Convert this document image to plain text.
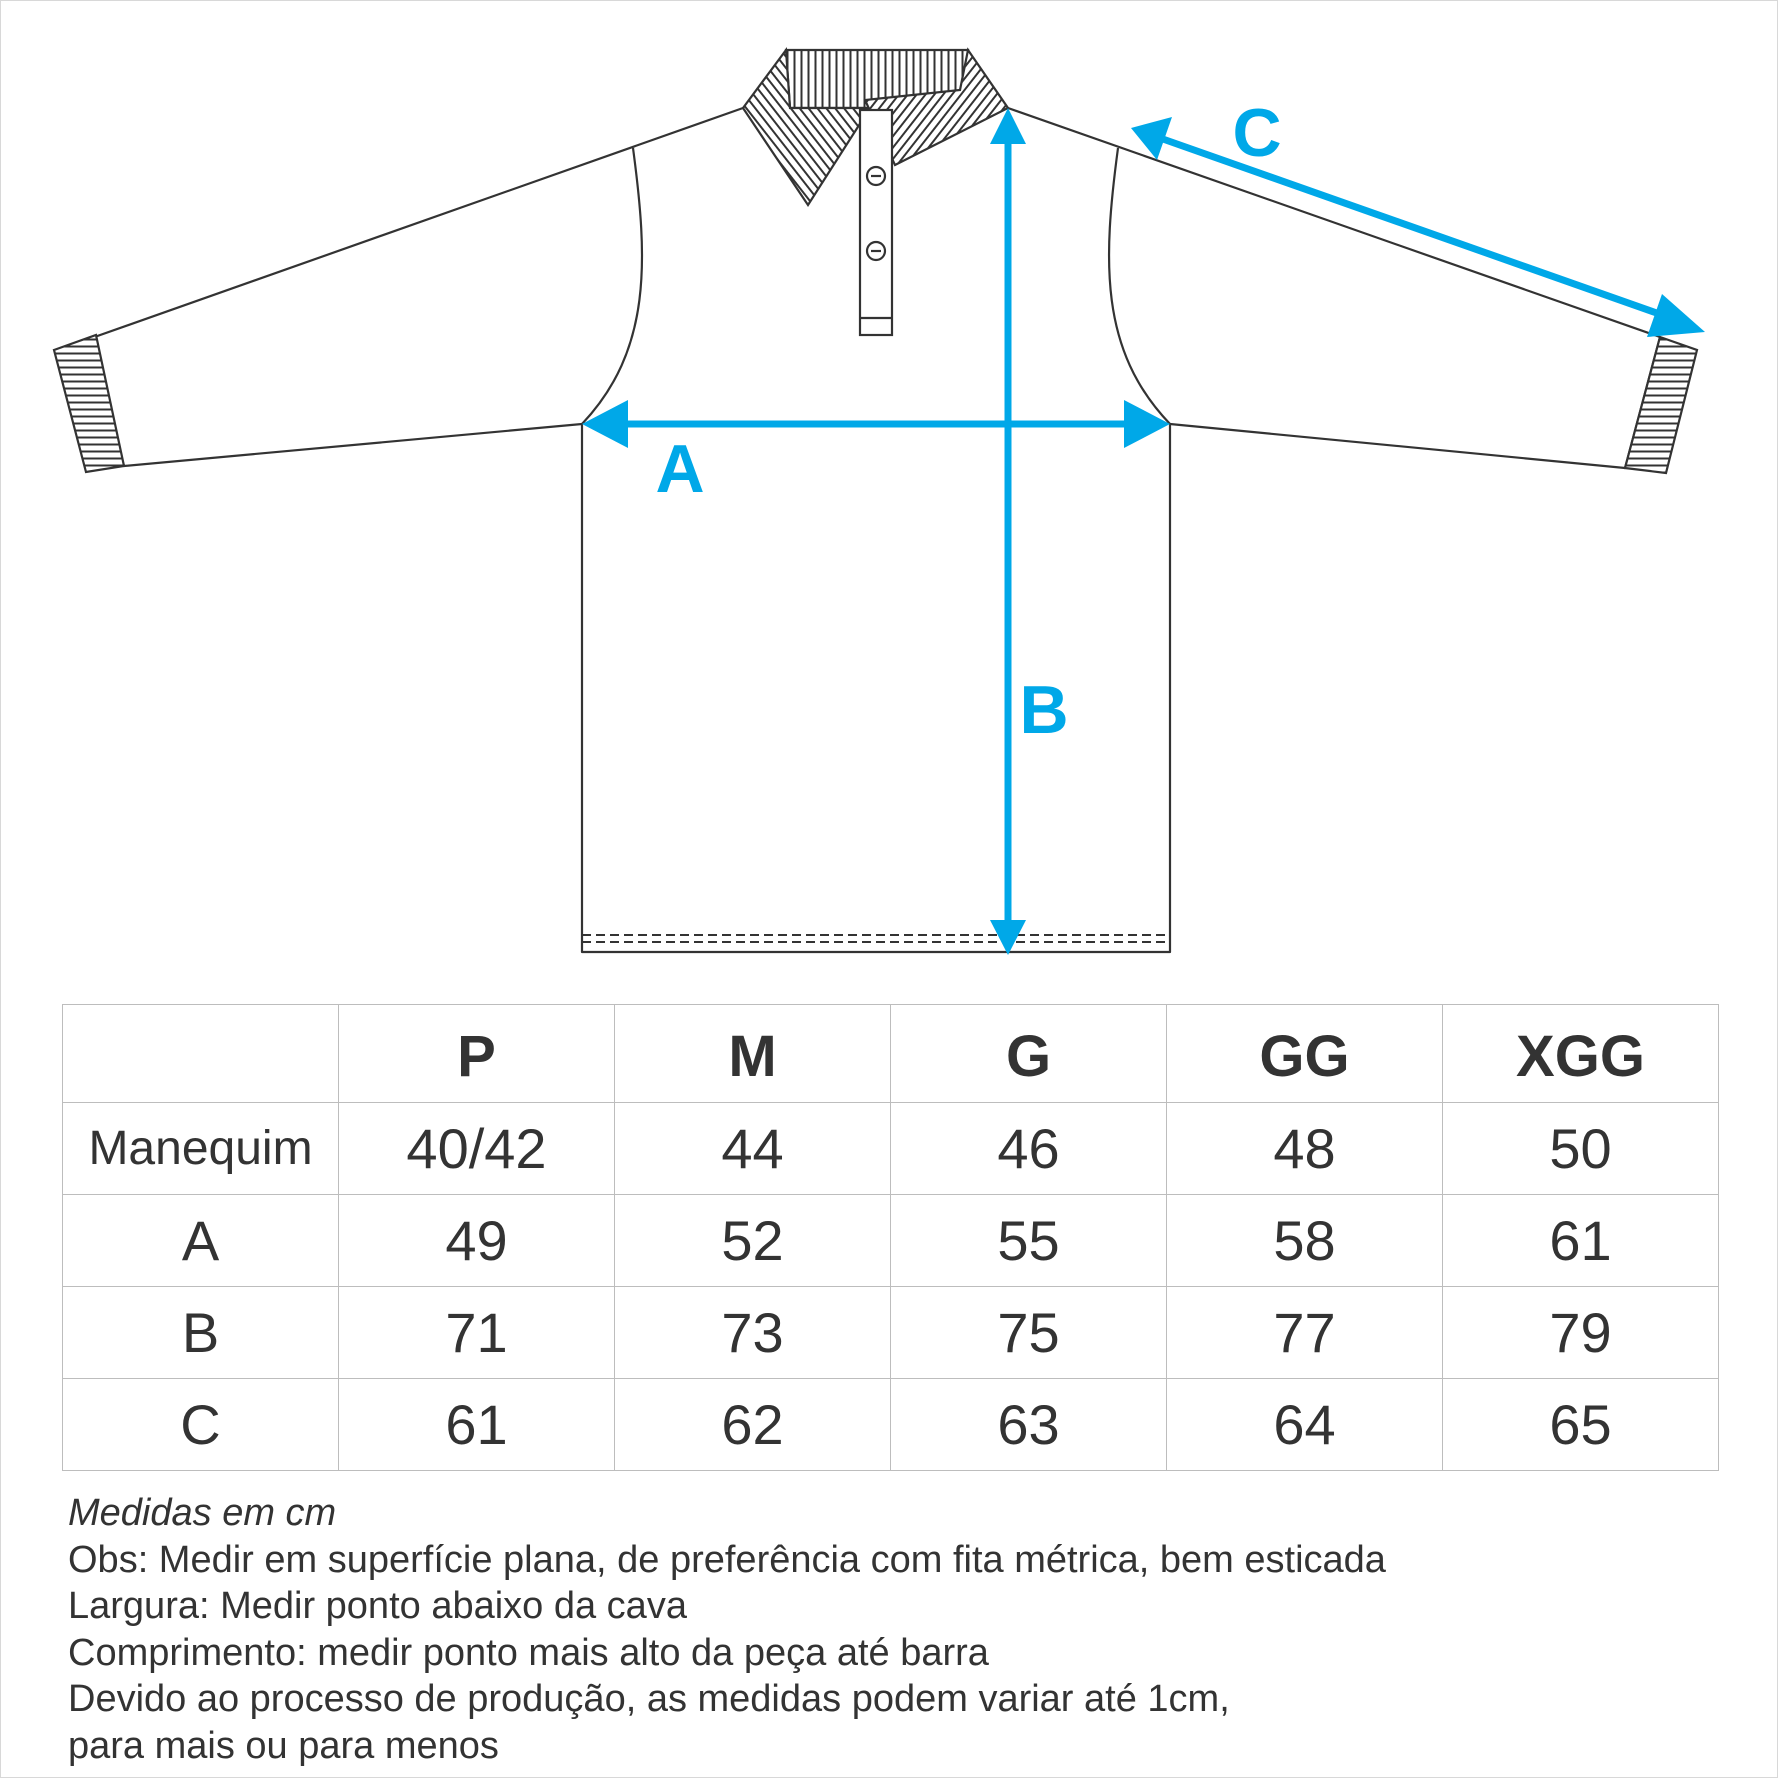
A
B
C
	P	M	G	GG	XGG
Manequim	40/42	44	46	48	50
A	49	52	55	58	61
B	71	73	75	77	79
C	61	62	63	64	65
Medidas em cm
Obs: Medir em superfície plana, de preferência com fita métrica, bem esticada
Largura: Medir ponto abaixo da cava
Comprimento: medir ponto mais alto da peça até barra
Devido ao processo de produção, as medidas podem variar até 1cm,
para mais ou para menos
